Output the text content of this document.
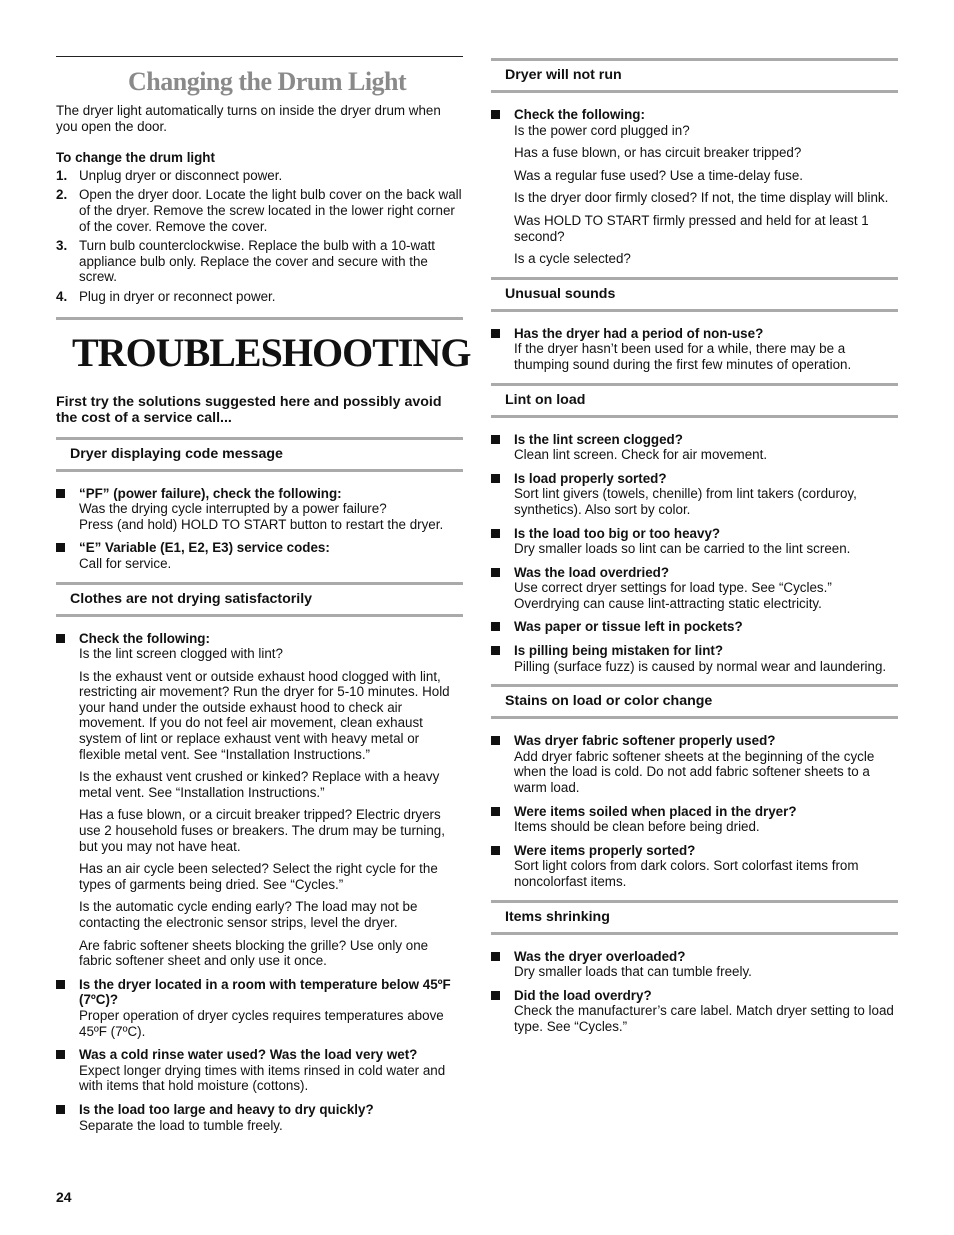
Changing the Drum Light

The dryer light automatically turns on inside the dryer drum when you open the door.

To change the drum light
1. Unplug dryer or disconnect power.
2. Open the dryer door. Locate the light bulb cover on the back wall of the dryer. Remove the screw located in the lower right corner of the cover. Remove the cover.
3. Turn bulb counterclockwise. Replace the bulb with a 10-watt appliance bulb only. Replace the cover and secure with the screw.
4. Plug in dryer or reconnect power.
TROUBLESHOOTING
First try the solutions suggested here and possibly avoid the cost of a service call...
Dryer displaying code message
“PF” (power failure), check the following:
Was the drying cycle interrupted by a power failure?
Press (and hold) HOLD TO START button to restart the dryer.
“E” Variable (E1, E2, E3) service codes:
Call for service.
Clothes are not drying satisfactorily
Check the following:
Is the lint screen clogged with lint?
Is the exhaust vent or outside exhaust hood clogged with lint, restricting air movement? Run the dryer for 5-10 minutes. Hold your hand under the outside exhaust hood to check air movement. If you do not feel air movement, clean exhaust system of lint or replace exhaust vent with heavy metal or flexible metal vent. See “Installation Instructions.”
Is the exhaust vent crushed or kinked? Replace with a heavy metal vent. See “Installation Instructions.”
Has a fuse blown, or a circuit breaker tripped? Electric dryers use 2 household fuses or breakers. The drum may be turning, but you may not have heat.
Has an air cycle been selected? Select the right cycle for the types of garments being dried. See “Cycles.”
Is the automatic cycle ending early? The load may not be contacting the electronic sensor strips, level the dryer.
Are fabric softener sheets blocking the grille? Use only one fabric softener sheet and only use it once.
Is the dryer located in a room with temperature below 45ºF (7ºC)?
Proper operation of dryer cycles requires temperatures above 45ºF (7ºC).
Was a cold rinse water used? Was the load very wet?
Expect longer drying times with items rinsed in cold water and with items that hold moisture (cottons).
Is the load too large and heavy to dry quickly?
Separate the load to tumble freely.
Dryer will not run
Check the following:
Is the power cord plugged in?
Has a fuse blown, or has circuit breaker tripped?
Was a regular fuse used? Use a time-delay fuse.
Is the dryer door firmly closed? If not, the time display will blink.
Was HOLD TO START firmly pressed and held for at least 1 second?
Is a cycle selected?
Unusual sounds
Has the dryer had a period of non-use?
If the dryer hasn’t been used for a while, there may be a thumping sound during the first few minutes of operation.
Lint on load
Is the lint screen clogged?
Clean lint screen. Check for air movement.
Is load properly sorted?
Sort lint givers (towels, chenille) from lint takers (corduroy, synthetics). Also sort by color.
Is the load too big or too heavy?
Dry smaller loads so lint can be carried to the lint screen.
Was the load overdried?
Use correct dryer settings for load type. See “Cycles.” Overdrying can cause lint-attracting static electricity.
Was paper or tissue left in pockets?
Is pilling being mistaken for lint?
Pilling (surface fuzz) is caused by normal wear and laundering.
Stains on load or color change
Was dryer fabric softener properly used?
Add dryer fabric softener sheets at the beginning of the cycle when the load is cold. Do not add fabric softener sheets to a warm load.
Were items soiled when placed in the dryer?
Items should be clean before being dried.
Were items properly sorted?
Sort light colors from dark colors. Sort colorfast items from noncolorfast items.
Items shrinking
Was the dryer overloaded?
Dry smaller loads that can tumble freely.
Did the load overdry?
Check the manufacturer’s care label. Match dryer setting to load type. See “Cycles.”
24
